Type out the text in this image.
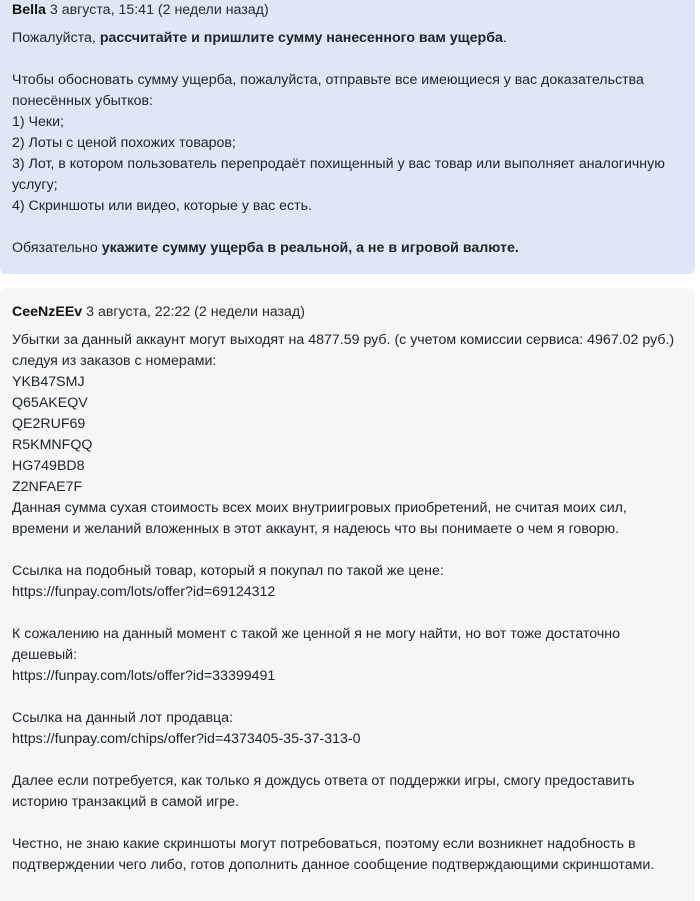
Bella 3 августа, 15:41 (2 недели назад)
Пожалуйста, рассчитайте и пришлите сумму нанесенного вам ущерба.
Чтобы обосновать сумму ущерба, пожалуйста, отправьте все имеющиеся у вас доказательства понесённых убытков:
1) Чеки;
2) Лоты с ценой похожих товаров;
3) Лот, в котором пользователь перепродаёт похищенный у вас товар или выполняет аналогичную услугу;
4) Скриншоты или видео, которые у вас есть.
Обязательно укажите сумму ущерба в реальной, а не в игровой валюте.
CeeNzEEv 3 августа, 22:22 (2 недели назад)
Убытки за данный аккаунт могут выходят на 4877.59 руб. (с учетом комиссии сервиса: 4967.02 руб.) следуя из заказов с номерами:
YKB47SMJ
Q65AKEQV
QE2RUF69
R5KMNFQQ
HG749BD8
Z2NFAE7F
Данная сумма сухая стоимость всех моих внутриигровых приобретений, не считая моих сил, времени и желаний вложенных в этот аккаунт, я надеюсь что вы понимаете о чем я говорю.
Ссылка на подобный товар, который я покупал по такой же цене:
https://funpay.com/lots/offer?id=69124312
К сожалению на данный момент с такой же ценной я не могу найти, но вот тоже достаточно дешевый:
https://funpay.com/lots/offer?id=33399491
Ссылка на данный лот продавца:
https://funpay.com/chips/offer?id=4373405-35-37-313-0
Далее если потребуется, как только я дождусь ответа от поддержки игры, смогу предоставить историю транзакций в самой игре.
Честно, не знаю какие скриншоты могут потребоваться, поэтому если возникнет надобность в подтверждении чего либо, готов дополнить данное сообщение подтверждающими скриншотами.
